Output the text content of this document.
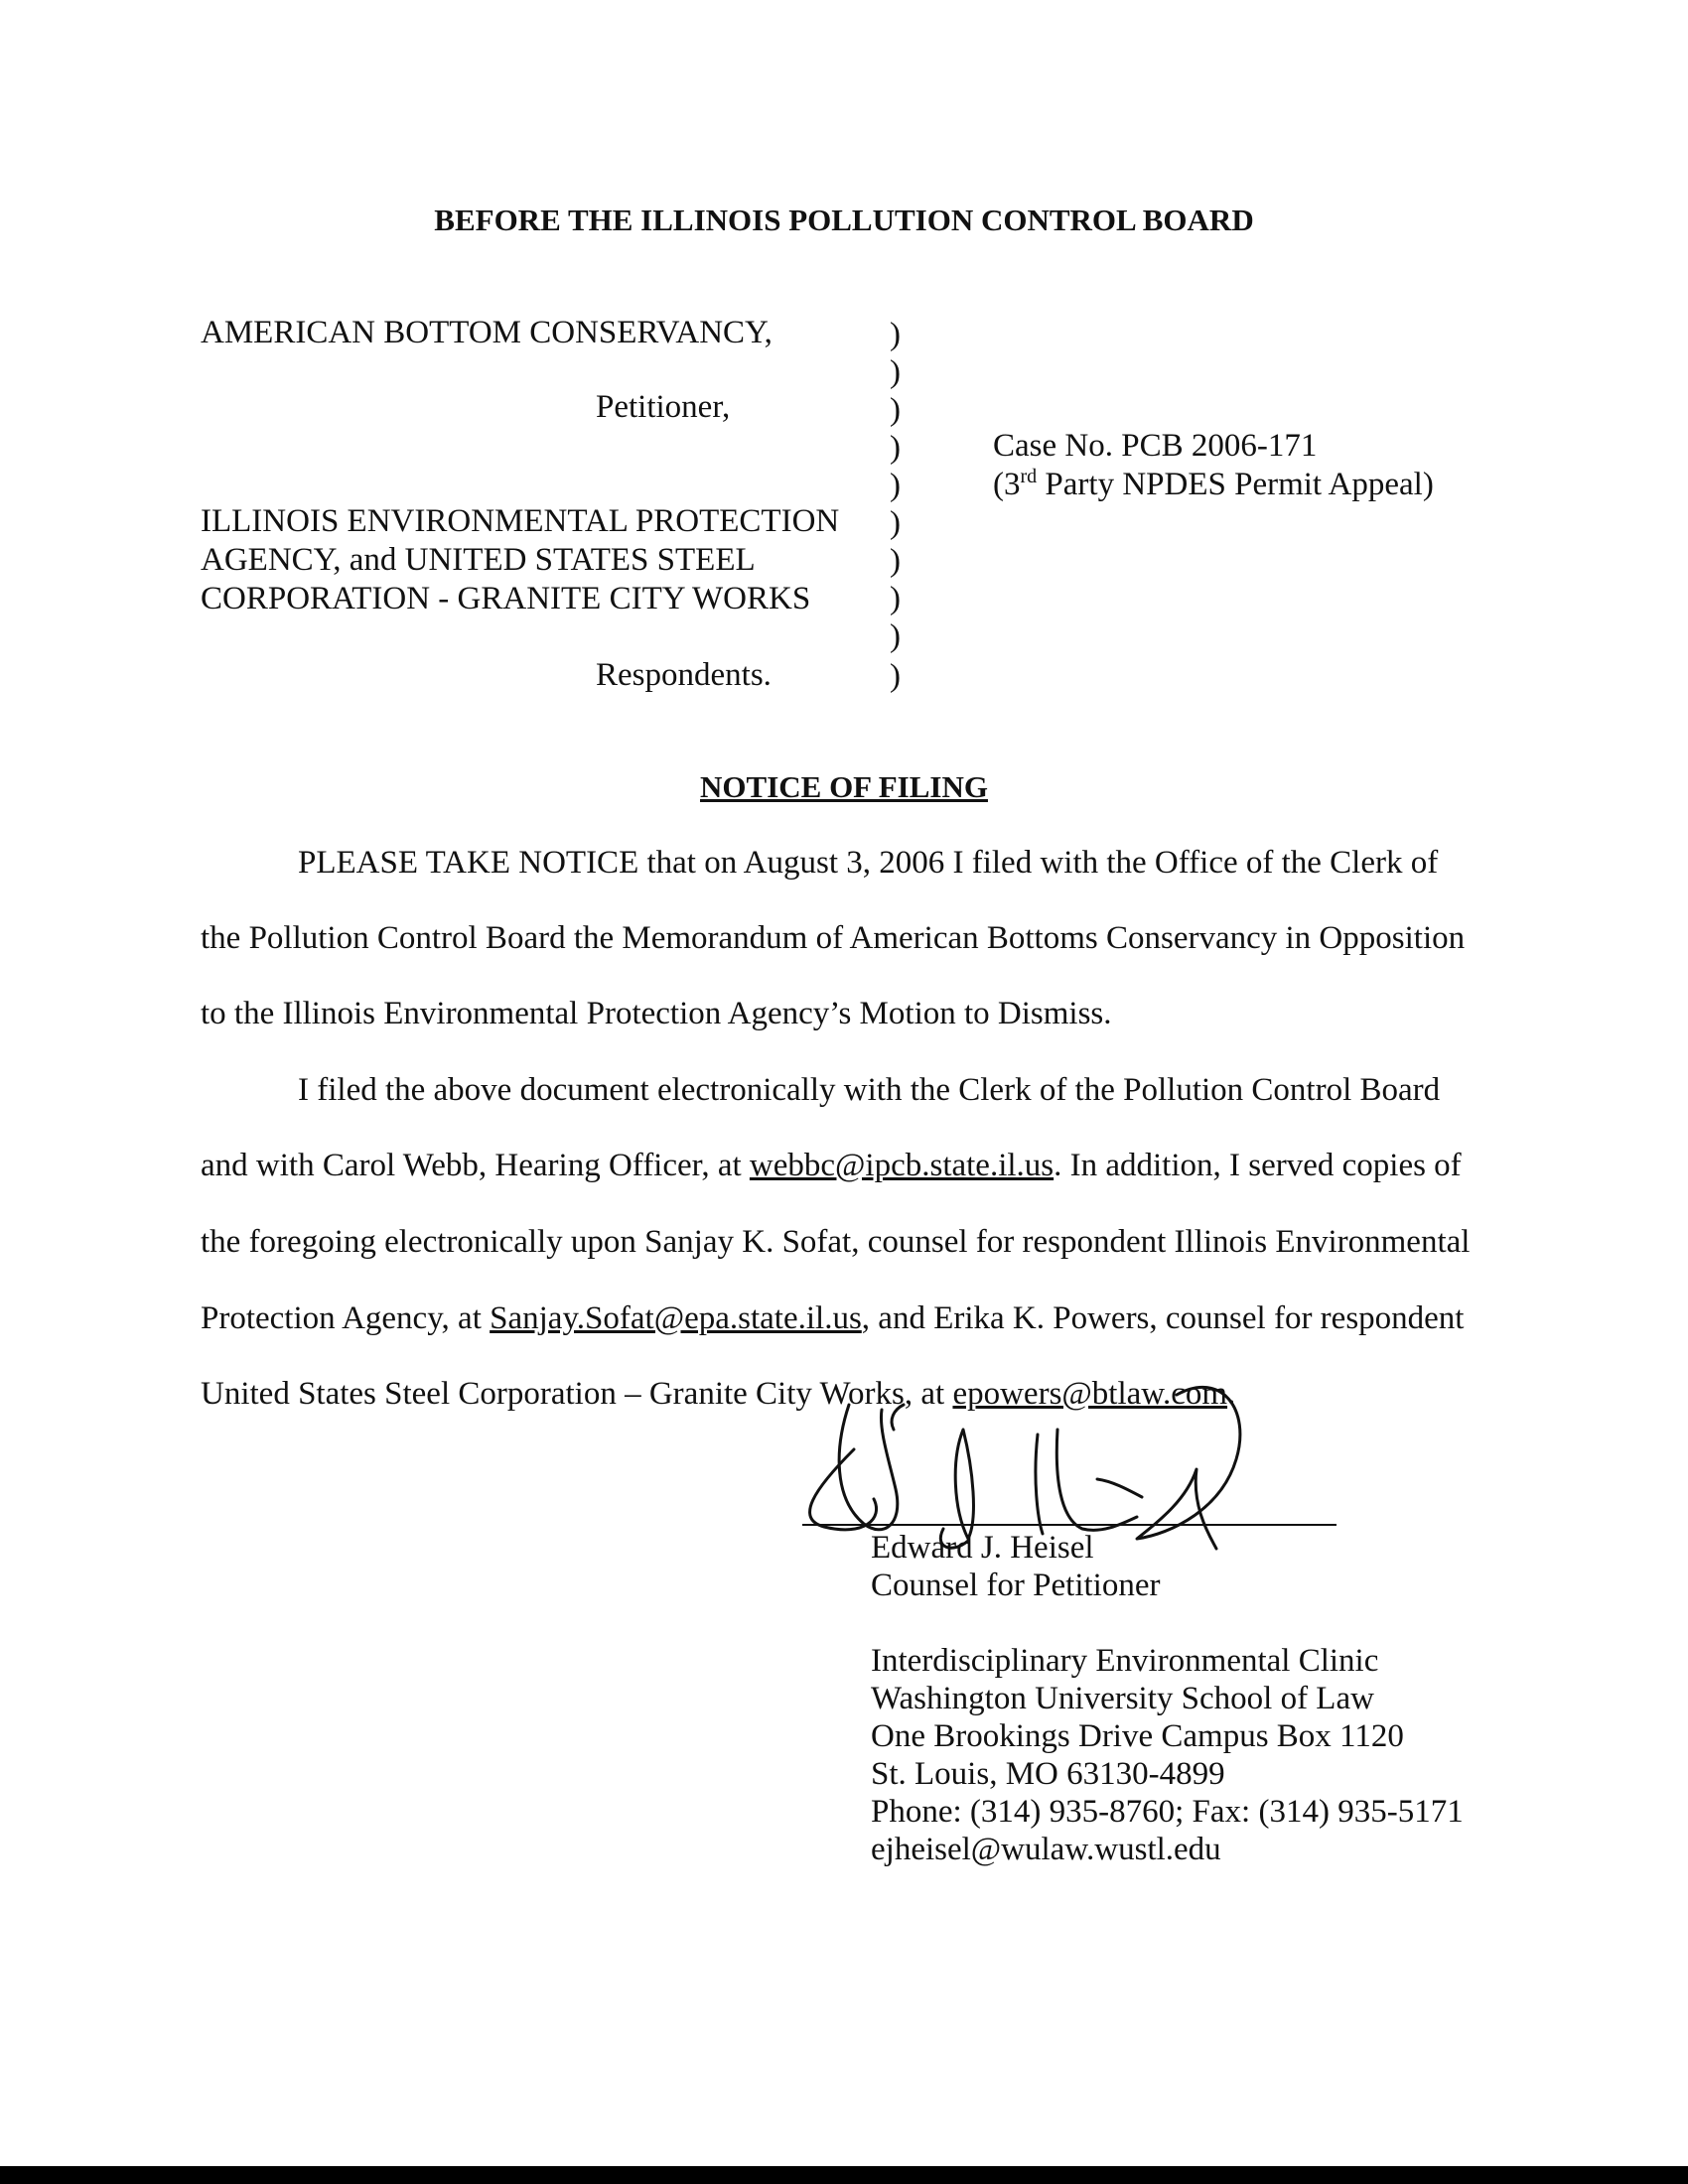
BEFORE THE ILLINOIS POLLUTION CONTROL BOARD
AMERICAN BOTTOM CONSERVANCY,
Petitioner,
ILLINOIS ENVIRONMENTAL PROTECTION
AGENCY, and UNITED STATES STEEL
CORPORATION - GRANITE CITY WORKS
Respondents.
)
)
)
)
)
)
)
)
)
)
Case No. PCB 2006-171
(3rd Party NPDES Permit Appeal)
NOTICE OF FILING
PLEASE TAKE NOTICE that on August 3, 2006 I filed with the Office of the Clerk of
the Pollution Control Board the Memorandum of American Bottoms Conservancy in Opposition
to the Illinois Environmental Protection Agency’s Motion to Dismiss.
I filed the above document electronically with the Clerk of the Pollution Control Board
and with Carol Webb, Hearing Officer, at webbc@ipcb.state.il.us. In addition, I served copies of
the foregoing electronically upon Sanjay K. Sofat, counsel for respondent Illinois Environmental
Protection Agency, at Sanjay.Sofat@epa.state.il.us, and Erika K. Powers, counsel for respondent
United States Steel Corporation – Granite City Works, at epowers@btlaw.com.
Edward J. Heisel
Counsel for Petitioner
Interdisciplinary Environmental Clinic
Washington University School of Law
One Brookings Drive Campus Box 1120
St. Louis, MO 63130-4899
Phone: (314) 935-8760; Fax: (314) 935-5171
ejheisel@wulaw.wustl.edu
